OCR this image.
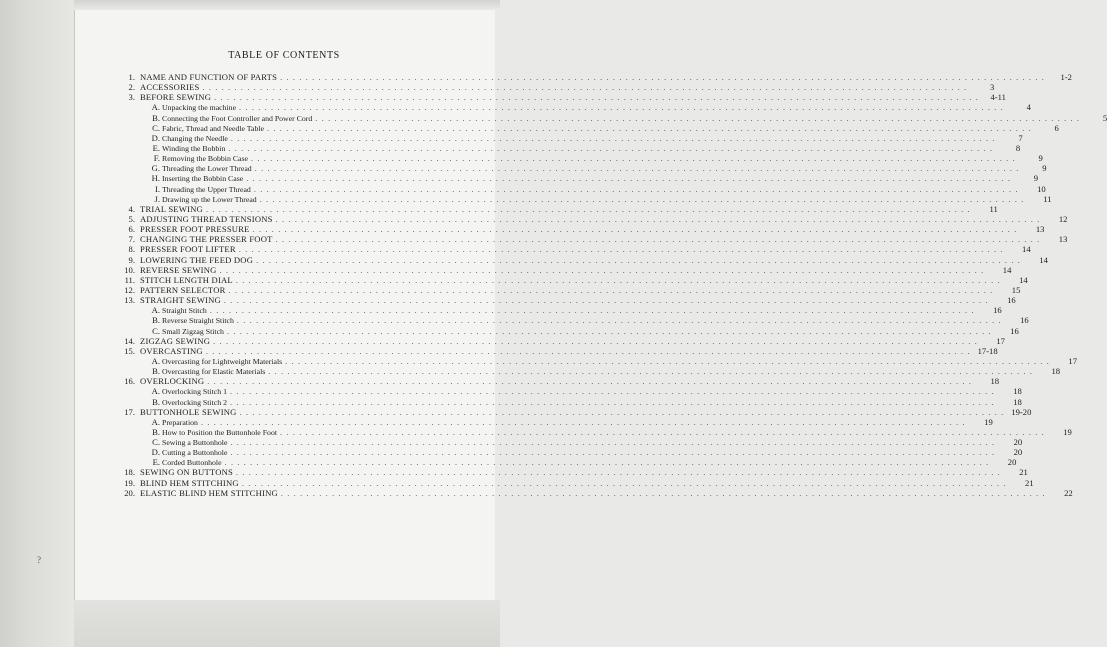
TABLE OF CONTENTS
?
1. NAME AND FUNCTION OF PARTS . . . . . . . . . . . . . . . . . . . . . . . . . . . . . . . . . . . . . . . . . . . . . . . . . . . . . . . . . . . . . . . . . . . . . . . . . . . . . . . . . . . . . . . . . . . . . . . . . . . . . . . . . . . . . . . . . . . . . . . .	1-2
2. ACCESSORIES . . . . . . . . . . . . . . . . . . . . . . . . . . . . . . . . . . . . . . . . . . . . . . . . . . . . . . . . . . . . . . . . . . . . . . . . . . . . . . . . . . . . . . . . . . . . . . . . . . . . . . . . . . . . . . . . . . . . . . . .	3
3. BEFORE SEWING . . . . . . . . . . . . . . . . . . . . . . . . . . . . . . . . . . . . . . . . . . . . . . . . . . . . . . . . . . . . . . . . . . . . . . . . . . . . . . . . . . . . . . . . . . . . . . . . . . . . . . . . . . . . . . . . . . . . . . . .	4-11
A. Unpacking the machine . . . . . . . . . . . . . . . . . . . . . . . . . . . . . . . . . . . . . . . . . . . . . . . . . . . . . . . . . . . . . . . . . . . . . . . . . . . . . . . . . . . . . . . . . . . . . . . . . . . . . . . . . . . . . . . . . . . . . . . .	4
B. Connecting the Foot Controller and Power Cord . . . . . . . . . . . . . . . . . . . . . . . . . . . . . . . . . . . . . . . . . . . . . . . . . . . . . . . . . . . . . . . . . . . . . . . . . . . . . . . . . . . . . . . . . . . . . . . . . . . . . . . . . . . . . . . . . . . . . . . .	5
C. Fabric, Thread and Needle Table . . . . . . . . . . . . . . . . . . . . . . . . . . . . . . . . . . . . . . . . . . . . . . . . . . . . . . . . . . . . . . . . . . . . . . . . . . . . . . . . . . . . . . . . . . . . . . . . . . . . . . . . . . . . . . . . . . . . . . . .	6
D. Changing the Needle . . . . . . . . . . . . . . . . . . . . . . . . . . . . . . . . . . . . . . . . . . . . . . . . . . . . . . . . . . . . . . . . . . . . . . . . . . . . . . . . . . . . . . . . . . . . . . . . . . . . . . . . . . . . . . . . . . . . . . . .	7
E. Winding the Bobbin . . . . . . . . . . . . . . . . . . . . . . . . . . . . . . . . . . . . . . . . . . . . . . . . . . . . . . . . . . . . . . . . . . . . . . . . . . . . . . . . . . . . . . . . . . . . . . . . . . . . . . . . . . . . . . . . . . . . . . . .	8
F. Removing the Bobbin Case . . . . . . . . . . . . . . . . . . . . . . . . . . . . . . . . . . . . . . . . . . . . . . . . . . . . . . . . . . . . . . . . . . . . . . . . . . . . . . . . . . . . . . . . . . . . . . . . . . . . . . . . . . . . . . . . . . . . . . . .	9
G. Threading the Lower Thread . . . . . . . . . . . . . . . . . . . . . . . . . . . . . . . . . . . . . . . . . . . . . . . . . . . . . . . . . . . . . . . . . . . . . . . . . . . . . . . . . . . . . . . . . . . . . . . . . . . . . . . . . . . . . . . . . . . . . . . .	9
H. Inserting the Bobbin Case . . . . . . . . . . . . . . . . . . . . . . . . . . . . . . . . . . . . . . . . . . . . . . . . . . . . . . . . . . . . . . . . . . . . . . . . . . . . . . . . . . . . . . . . . . . . . . . . . . . . . . . . . . . . . . . . . . . . . . . .	9
I. Threading the Upper Thread . . . . . . . . . . . . . . . . . . . . . . . . . . . . . . . . . . . . . . . . . . . . . . . . . . . . . . . . . . . . . . . . . . . . . . . . . . . . . . . . . . . . . . . . . . . . . . . . . . . . . . . . . . . . . . . . . . . . . . . .	10
J. Drawing up the Lower Thread . . . . . . . . . . . . . . . . . . . . . . . . . . . . . . . . . . . . . . . . . . . . . . . . . . . . . . . . . . . . . . . . . . . . . . . . . . . . . . . . . . . . . . . . . . . . . . . . . . . . . . . . . . . . . . . . . . . . . . . .	11
4. TRIAL SEWING . . . . . . . . . . . . . . . . . . . . . . . . . . . . . . . . . . . . . . . . . . . . . . . . . . . . . . . . . . . . . . . . . . . . . . . . . . . . . . . . . . . . . . . . . . . . . . . . . . . . . . . . . . . . . . . . . . . . . . . .	11
5. ADJUSTING THREAD TENSIONS . . . . . . . . . . . . . . . . . . . . . . . . . . . . . . . . . . . . . . . . . . . . . . . . . . . . . . . . . . . . . . . . . . . . . . . . . . . . . . . . . . . . . . . . . . . . . . . . . . . . . . . . . . . . . . . . . . . . . . . .	12
6. PRESSER FOOT PRESSURE . . . . . . . . . . . . . . . . . . . . . . . . . . . . . . . . . . . . . . . . . . . . . . . . . . . . . . . . . . . . . . . . . . . . . . . . . . . . . . . . . . . . . . . . . . . . . . . . . . . . . . . . . . . . . . . . . . . . . . . .	13
7. CHANGING THE PRESSER FOOT . . . . . . . . . . . . . . . . . . . . . . . . . . . . . . . . . . . . . . . . . . . . . . . . . . . . . . . . . . . . . . . . . . . . . . . . . . . . . . . . . . . . . . . . . . . . . . . . . . . . . . . . . . . . . . . . . . . . . . . .	13
8. PRESSER FOOT LIFTER . . . . . . . . . . . . . . . . . . . . . . . . . . . . . . . . . . . . . . . . . . . . . . . . . . . . . . . . . . . . . . . . . . . . . . . . . . . . . . . . . . . . . . . . . . . . . . . . . . . . . . . . . . . . . . . . . . . . . . . .	14
9. LOWERING THE FEED DOG . . . . . . . . . . . . . . . . . . . . . . . . . . . . . . . . . . . . . . . . . . . . . . . . . . . . . . . . . . . . . . . . . . . . . . . . . . . . . . . . . . . . . . . . . . . . . . . . . . . . . . . . . . . . . . . . . . . . . . . .	14
10. REVERSE SEWING . . . . . . . . . . . . . . . . . . . . . . . . . . . . . . . . . . . . . . . . . . . . . . . . . . . . . . . . . . . . . . . . . . . . . . . . . . . . . . . . . . . . . . . . . . . . . . . . . . . . . . . . . . . . . . . . . . . . . . . .	14
11. STITCH LENGTH DIAL . . . . . . . . . . . . . . . . . . . . . . . . . . . . . . . . . . . . . . . . . . . . . . . . . . . . . . . . . . . . . . . . . . . . . . . . . . . . . . . . . . . . . . . . . . . . . . . . . . . . . . . . . . . . . . . . . . . . . . . .	14
12. PATTERN SELECTOR . . . . . . . . . . . . . . . . . . . . . . . . . . . . . . . . . . . . . . . . . . . . . . . . . . . . . . . . . . . . . . . . . . . . . . . . . . . . . . . . . . . . . . . . . . . . . . . . . . . . . . . . . . . . . . . . . . . . . . . .	15
13. STRAIGHT SEWING . . . . . . . . . . . . . . . . . . . . . . . . . . . . . . . . . . . . . . . . . . . . . . . . . . . . . . . . . . . . . . . . . . . . . . . . . . . . . . . . . . . . . . . . . . . . . . . . . . . . . . . . . . . . . . . . . . . . . . . .	16
A. Straight Stitch . . . . . . . . . . . . . . . . . . . . . . . . . . . . . . . . . . . . . . . . . . . . . . . . . . . . . . . . . . . . . . . . . . . . . . . . . . . . . . . . . . . . . . . . . . . . . . . . . . . . . . . . . . . . . . . . . . . . . . . .	16
B. Reverse Straight Stitch . . . . . . . . . . . . . . . . . . . . . . . . . . . . . . . . . . . . . . . . . . . . . . . . . . . . . . . . . . . . . . . . . . . . . . . . . . . . . . . . . . . . . . . . . . . . . . . . . . . . . . . . . . . . . . . . . . . . . . . .	16
C. Small Zigzag Stitch . . . . . . . . . . . . . . . . . . . . . . . . . . . . . . . . . . . . . . . . . . . . . . . . . . . . . . . . . . . . . . . . . . . . . . . . . . . . . . . . . . . . . . . . . . . . . . . . . . . . . . . . . . . . . . . . . . . . . . . .	16
14. ZIGZAG SEWING . . . . . . . . . . . . . . . . . . . . . . . . . . . . . . . . . . . . . . . . . . . . . . . . . . . . . . . . . . . . . . . . . . . . . . . . . . . . . . . . . . . . . . . . . . . . . . . . . . . . . . . . . . . . . . . . . . . . . . . .	17
15. OVERCASTING . . . . . . . . . . . . . . . . . . . . . . . . . . . . . . . . . . . . . . . . . . . . . . . . . . . . . . . . . . . . . . . . . . . . . . . . . . . . . . . . . . . . . . . . . . . . . . . . . . . . . . . . . . . . . . . . . . . . . . . . 17-18
A. Overcasting for Lightweight Materials . . . . . . . . . . . . . . . . . . . . . . . . . . . . . . . . . . . . . . . . . . . . . . . . . . . . . . . . . . . . . . . . . . . . . . . . . . . . . . . . . . . . . . . . . . . . . . . . . . . . . . . . . . . . . . . . . . . . . . . .	17
B. Overcasting for Elastic Materials . . . . . . . . . . . . . . . . . . . . . . . . . . . . . . . . . . . . . . . . . . . . . . . . . . . . . . . . . . . . . . . . . . . . . . . . . . . . . . . . . . . . . . . . . . . . . . . . . . . . . . . . . . . . . . . . . . . . . . . .	18
16. OVERLOCKING . . . . . . . . . . . . . . . . . . . . . . . . . . . . . . . . . . . . . . . . . . . . . . . . . . . . . . . . . . . . . . . . . . . . . . . . . . . . . . . . . . . . . . . . . . . . . . . . . . . . . . . . . . . . . . . . . . . . . . . .	18
A. Overlocking Stitch 1 . . . . . . . . . . . . . . . . . . . . . . . . . . . . . . . . . . . . . . . . . . . . . . . . . . . . . . . . . . . . . . . . . . . . . . . . . . . . . . . . . . . . . . . . . . . . . . . . . . . . . . . . . . . . . . . . . . . . . . . .	18
B. Overlocking Stitch 2 . . . . . . . . . . . . . . . . . . . . . . . . . . . . . . . . . . . . . . . . . . . . . . . . . . . . . . . . . . . . . . . . . . . . . . . . . . . . . . . . . . . . . . . . . . . . . . . . . . . . . . . . . . . . . . . . . . . . . . . .	18
17. BUTTONHOLE SEWING . . . . . . . . . . . . . . . . . . . . . . . . . . . . . . . . . . . . . . . . . . . . . . . . . . . . . . . . . . . . . . . . . . . . . . . . . . . . . . . . . . . . . . . . . . . . . . . . . . . . . . . . . . . . . . . . . . . . . . . . 19-20
A. Preparation . . . . . . . . . . . . . . . . . . . . . . . . . . . . . . . . . . . . . . . . . . . . . . . . . . . . . . . . . . . . . . . . . . . . . . . . . . . . . . . . . . . . . . . . . . . . . . . . . . . . . . . . . . . . . . . . . . . . . . . .	19
B. How to Position the Buttonhole Foot . . . . . . . . . . . . . . . . . . . . . . . . . . . . . . . . . . . . . . . . . . . . . . . . . . . . . . . . . . . . . . . . . . . . . . . . . . . . . . . . . . . . . . . . . . . . . . . . . . . . . . . . . . . . . . . . . . . . . . . .	19
C. Sewing a Buttonhole . . . . . . . . . . . . . . . . . . . . . . . . . . . . . . . . . . . . . . . . . . . . . . . . . . . . . . . . . . . . . . . . . . . . . . . . . . . . . . . . . . . . . . . . . . . . . . . . . . . . . . . . . . . . . . . . . . . . . . . .	20
D. Cutting a Buttonhole . . . . . . . . . . . . . . . . . . . . . . . . . . . . . . . . . . . . . . . . . . . . . . . . . . . . . . . . . . . . . . . . . . . . . . . . . . . . . . . . . . . . . . . . . . . . . . . . . . . . . . . . . . . . . . . . . . . . . . . .	20
E. Corded Buttonhole . . . . . . . . . . . . . . . . . . . . . . . . . . . . . . . . . . . . . . . . . . . . . . . . . . . . . . . . . . . . . . . . . . . . . . . . . . . . . . . . . . . . . . . . . . . . . . . . . . . . . . . . . . . . . . . . . . . . . . . .	20
18. SEWING ON BUTTONS . . . . . . . . . . . . . . . . . . . . . . . . . . . . . . . . . . . . . . . . . . . . . . . . . . . . . . . . . . . . . . . . . . . . . . . . . . . . . . . . . . . . . . . . . . . . . . . . . . . . . . . . . . . . . . . . . . . . . . . .	21
19. BLIND HEM STITCHING . . . . . . . . . . . . . . . . . . . . . . . . . . . . . . . . . . . . . . . . . . . . . . . . . . . . . . . . . . . . . . . . . . . . . . . . . . . . . . . . . . . . . . . . . . . . . . . . . . . . . . . . . . . . . . . . . . . . . . . .	21
20. ELASTIC BLIND HEM STITCHING . . . . . . . . . . . . . . . . . . . . . . . . . . . . . . . . . . . . . . . . . . . . . . . . . . . . . . . . . . . . . . . . . . . . . . . . . . . . . . . . . . . . . . . . . . . . . . . . . . . . . . . . . . . . . . . . . . . . . . . .	22
